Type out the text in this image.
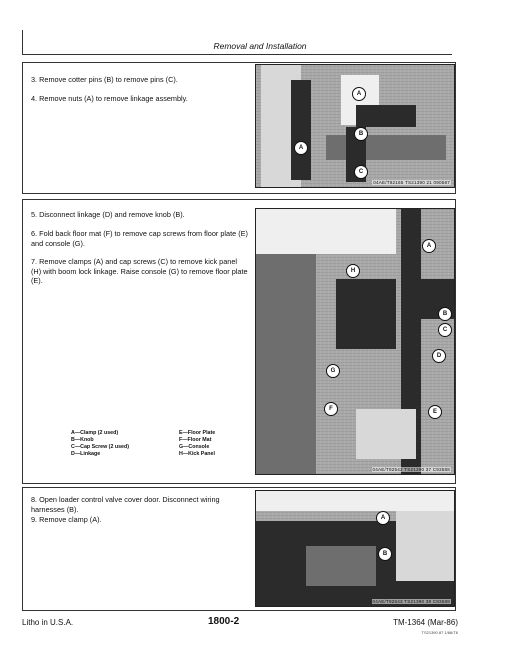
Removal and Installation

3. Remove cotter pins (B) to remove pins (C).

4. Remove nuts (A) to remove linkage assembly.	A
B
C
A
04AE/T92165 TS21390 21 090587

5. Disconnect linkage (D) and remove knob (B).

6. Fold back floor mat (F) to remove cap screws from floor plate (E) and console (G).

7. Remove clamps (A) and cap screws (C) to remove kick panel (H) with boom lock linkage. Raise console (G) to remove floor plate (E).

A
H
B
C
D
G
F	E
04AE/T92542 TS21390 37 C93588
A—Clamp (2 used)
B—Knob
C—Cap Screw (2 used)
D—Linkage
E—Floor Plate
F—Floor Mat
G—Console
H—Kick Panel

8. Open loader control valve cover door. Disconnect wiring harnesses (B).

9. Remove clamp (A).	A
B
04AE/T92543 TS21390 38 C93588
Litho in U.S.A.	1800-2	TM-1364 (Mar-86)
TS21390 87 1/86/T6
